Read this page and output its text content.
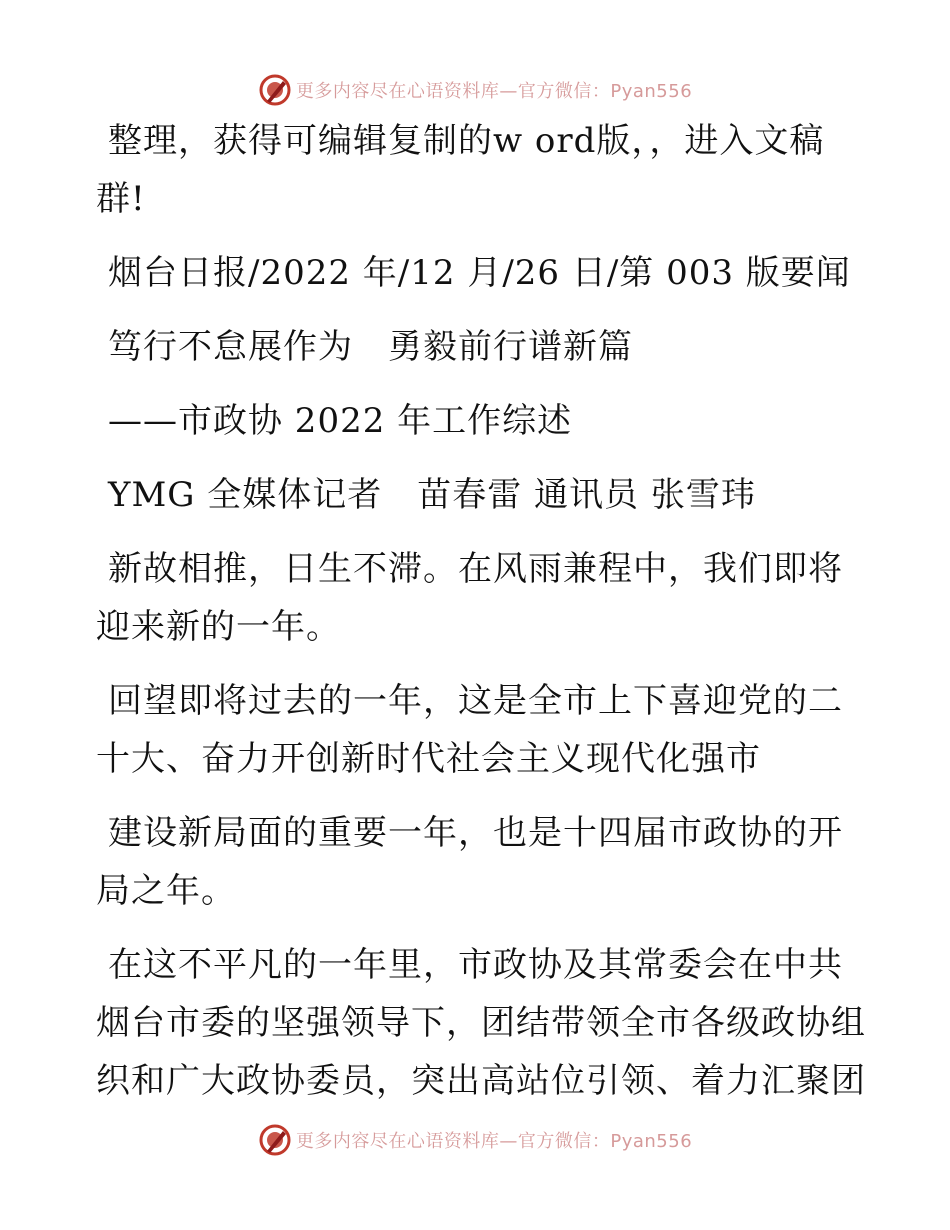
更多内容尽在心语资料库—官方微信：Pyan556
整理，获得可编辑复制的w ord版，，进入文稿
群!
烟台日报/2022 年/12 月/26 日/第 003 版要闻
笃行不怠展作为　勇毅前行谱新篇
——市政协 2022 年工作综述
YMG 全媒体记者　苗春雷 通讯员 张雪玮
新故相推，日生不滞。在风雨兼程中，我们即将
迎来新的一年。
回望即将过去的一年，这是全市上下喜迎党的二
十大、奋力开创新时代社会主义现代化强市
建设新局面的重要一年，也是十四届市政协的开
局之年。
在这不平凡的一年里，市政协及其常委会在中共
烟台市委的坚强领导下，团结带领全市各级政协组
织和广大政协委员，突出高站位引领、着力汇聚团
更多内容尽在心语资料库—官方微信：Pyan556
